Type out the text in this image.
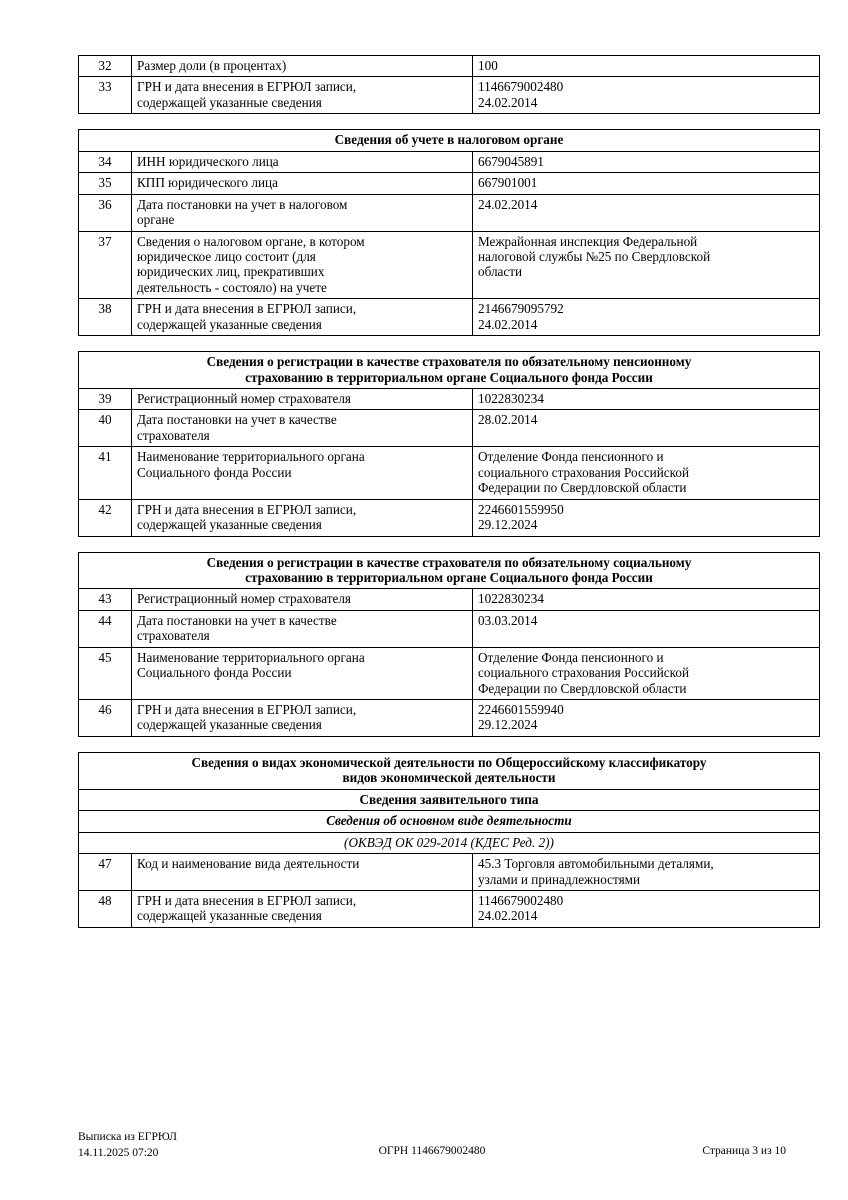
32	Размер доли (в процентах)	100

33	ГРН и дата внесения в ЕГРЮЛ записи,
содержащей указанные сведения	1146679002480
24.02.2014

Сведения об учете в налоговом органе		

34	ИНН юридического лица	6679045891

35	КПП юридического лица	667901001

36	Дата постановки на учет в налоговом
органе	24.02.2014

37	Сведения о налоговом органе, в котором
юридическое лицо состоит (для
юридических лиц, прекративших
деятельность - состояло) на учете	Межрайонная инспекция Федеральной
налоговой службы №25 по Свердловской
области

38	ГРН и дата внесения в ЕГРЮЛ записи,
содержащей указанные сведения	2146679095792
24.02.2014

Сведения о регистрации в качестве страхователя по обязательному пенсионному
страхованию в территориальном органе Социального фонда России		

39	Регистрационный номер страхователя	1022830234

40	Дата постановки на учет в качестве
страхователя	28.02.2014

41	Наименование территориального органа
Социального фонда России	Отделение Фонда пенсионного и
социального страхования Российской
Федерации по Свердловской области

42	ГРН и дата внесения в ЕГРЮЛ записи,
содержащей указанные сведения	2246601559950
29.12.2024

Сведения о регистрации в качестве страхователя по обязательному социальному
страхованию в территориальном органе Социального фонда России		

43	Регистрационный номер страхователя	1022830234

44	Дата постановки на учет в качестве
страхователя	03.03.2014

45	Наименование территориального органа
Социального фонда России	Отделение Фонда пенсионного и
социального страхования Российской
Федерации по Свердловской области

46	ГРН и дата внесения в ЕГРЮЛ записи,
содержащей указанные сведения	2246601559940
29.12.2024

Сведения о видах экономической деятельности по Общероссийскому классификатору
видов экономической деятельности		

Сведения заявительного типа		

Сведения об основном виде деятельности		

(ОКВЭД ОК 029-2014 (КДЕС Ред. 2))		

47	Код и наименование вида деятельности	45.3 Торговля автомобильными деталями,
узлами и принадлежностями

48	ГРН и дата внесения в ЕГРЮЛ записи,
содержащей указанные сведения	1146679002480
24.02.2014
Выписка из ЕГРЮЛ
14.11.2025 07:20	ОГРН 1146679002480	Страница 3 из 10
